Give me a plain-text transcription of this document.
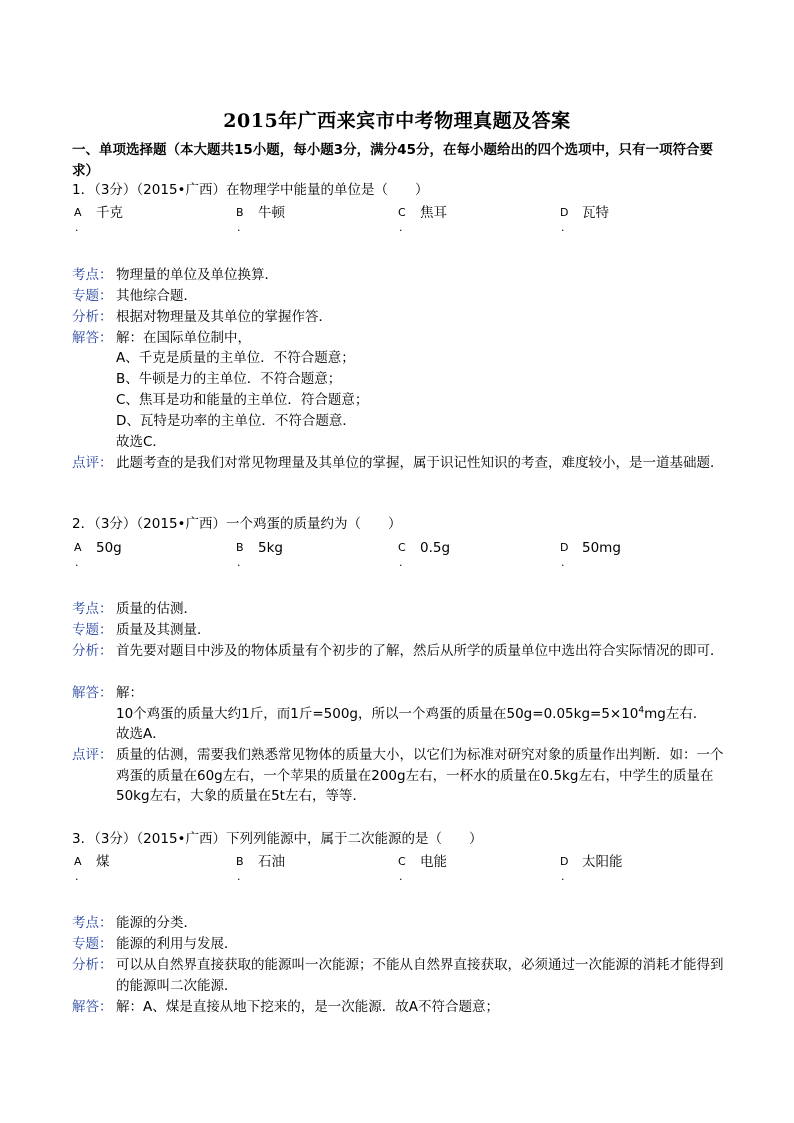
2015年广西来宾市中考物理真题及答案
一、单项选择题（本大题共15小题，每小题3分，满分45分，在每小题给出的四个选项中，只有一项符合要求）
1．（3分）（2015•广西）在物理学中能量的单位是（　　）
A
.
千克	B
.
牛顿	C
.
焦耳	D
.
瓦特
考点： 物理量的单位及单位换算．
专题： 其他综合题．
分析： 根据对物理量及其单位的掌握作答．
解答： 解：在国际单位制中，
A、千克是质量的主单位．不符合题意；
B、牛顿是力的主单位．不符合题意；
C、焦耳是功和能量的主单位．符合题意；
D、瓦特是功率的主单位．不符合题意．
故选C．
点评： 此题考查的是我们对常见物理量及其单位的掌握，属于识记性知识的考查，难度较小，是一道基础题．
2．（3分）（2015•广西）一个鸡蛋的质量约为（　　）
A
.
50g	B
.
5kg	C
.
0.5g	D
.
50mg
考点： 质量的估测．
专题： 质量及其测量．
分析： 首先要对题目中涉及的物体质量有个初步的了解，然后从所学的质量单位中选出符合实际情况的即可．
解答： 解：
10个鸡蛋的质量大约1斤，而1斤=500g，所以一个鸡蛋的质量在$50g=0.05kg=5\times 10^4mg$左右．
故选A．
点评： 质量的估测，需要我们熟悉常见物体的质量大小，以它们为标准对研究对象的质量作出判断．如：一个鸡蛋的质量在60g左右，一个苹果的质量在200g左右，一杯水的质量在0.5kg左右，中学生的质量在50kg左右，大象的质量在5t左右，等等．
3．（3分）（2015•广西）下列列能源中，属于二次能源的是（　　）
A
.
煤	B
.
石油	C
.
电能	D
.
太阳能
考点： 能源的分类．
专题： 能源的利用与发展．
分析： 可以从自然界直接获取的能源叫一次能源；不能从自然界直接获取，必须通过一次能源的消耗才能得到的能源叫二次能源．
解答： 解：A、煤是直接从地下挖来的，是一次能源．故A不符合题意；
